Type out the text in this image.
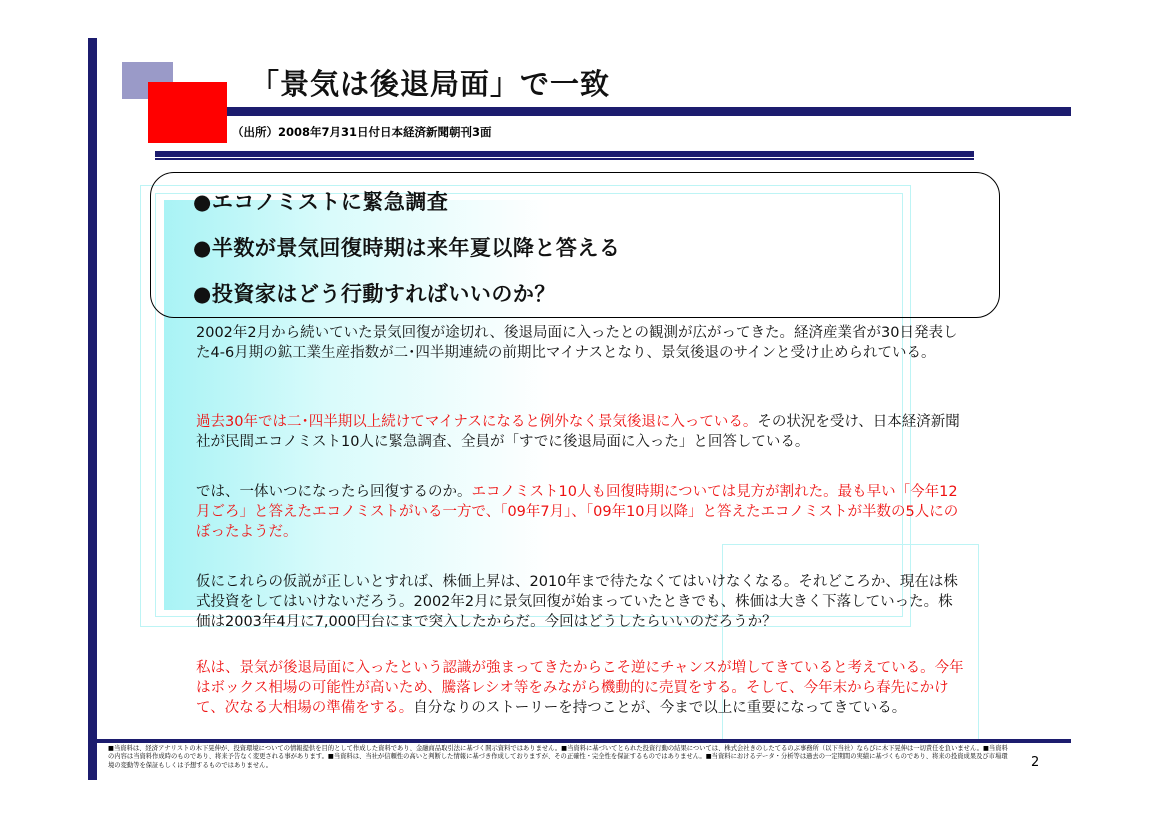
「景気は後退局面」で一致
（出所）2008年7月31日付日本経済新聞朝刊3面
●エコノミストに緊急調査
●半数が景気回復時期は来年夏以降と答える
●投資家はどう行動すればいいのか？
2002年2月から続いていた景気回復が途切れ、後退局面に入ったとの観測が広がってきた。経済産業省が30日発表した4-6月期の鉱工業生産指数が二･四半期連続の前期比マイナスとなり、景気後退のサインと受け止められている。
過去30年では二･四半期以上続けてマイナスになると例外なく景気後退に入っている。その状況を受け、日本経済新聞社が民間エコノミスト10人に緊急調査、全員が「すでに後退局面に入った」と回答している。
では、一体いつになったら回復するのか。エコノミスト10人も回復時期については見方が割れた。最も早い「今年12月ごろ」と答えたエコノミストがいる一方で、「09年7月」、「09年10月以降」と答えたエコノミストが半数の5人にのぼったようだ。
仮にこれらの仮説が正しいとすれば、株価上昇は、2010年まで待たなくてはいけなくなる。それどころか、現在は株式投資をしてはいけないだろう。2002年2月に景気回復が始まっていたときでも、株価は大きく下落していった。株価は2003年4月に7,000円台にまで突入したからだ。今回はどうしたらいいのだろうか？
私は、景気が後退局面に入ったという認識が強まってきたからこそ逆にチャンスが増してきていると考えている。今年はボックス相場の可能性が高いため、騰落レシオ等をみながら機動的に売買をする。そして、今年末から春先にかけて、次なる大相場の準備をする。自分なりのストーリーを持つことが、今まで以上に重要になってきている。
■当資料は、経済アナリストの木下晃伸が、投資環境についての情報提供を目的として作成した資料であり、金融商品取引法に基づく開示資料ではありません。■当資料に基づいてとられた投資行動の結果については、株式会社きのしたてるのぶ事務所（以下当社）ならびに木下晃伸は一切責任を負いません。■当資料の内容は当資料作成時のものであり、将来予告なく変更される事があります。■当資料は、当社が信頼性の高いと判断した情報に基づき作成しておりますが、その正確性・完全性を保証するものではありません。■当資料におけるデータ・分析等は過去の一定期間の実績に基づくものであり、将来の投資成果及び市場環境の変動等を保証もしくは予想するものではありません。	2
